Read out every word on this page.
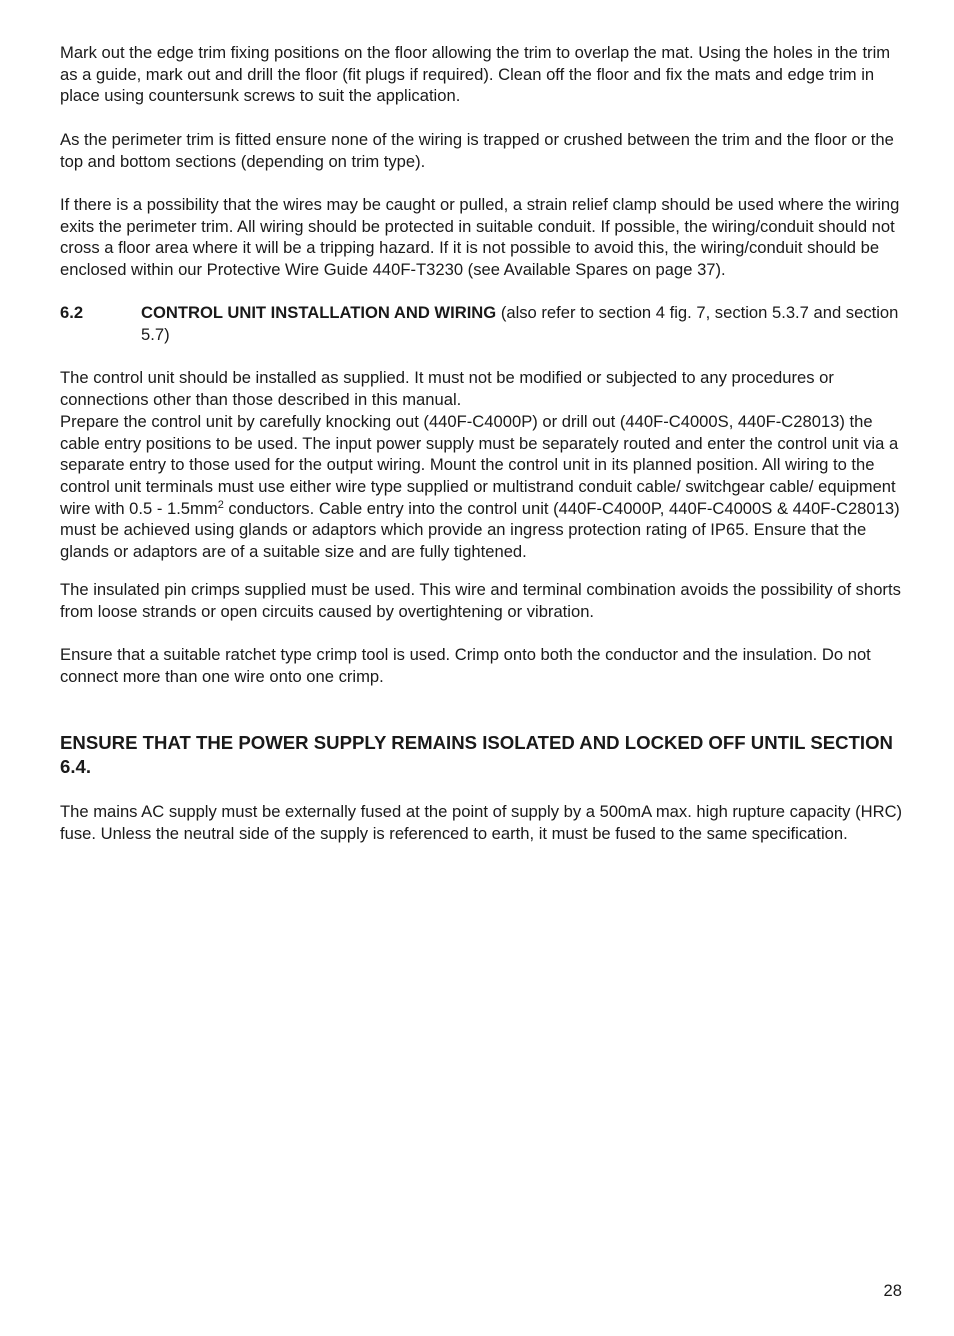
Mark out the edge trim fixing positions on the floor allowing the trim to overlap the mat. Using the holes in the trim as a guide, mark out and drill the floor (fit plugs if required). Clean off the floor and fix the mats and edge trim in place using countersunk screws to suit the application.

As the perimeter trim is fitted ensure none of the wiring is trapped or crushed between the trim and the floor or the top and bottom sections (depending on trim type).

If there is a possibility that the wires may be caught or pulled, a strain relief clamp should be used where the wiring exits the perimeter trim. All wiring should be protected in suitable conduit. If possible, the wiring/conduit should not cross a floor area where it will be a tripping hazard. If it is not possible to avoid this, the wiring/conduit should be enclosed within our Protective Wire Guide 440F-T3230 (see Available Spares on page 37).

6.2	CONTROL UNIT INSTALLATION AND WIRING (also refer to section 4 fig. 7, section 5.3.7 and section 5.7)

The control unit should be installed as supplied. It must not be modified or subjected to any procedures or connections other than those described in this manual.

Prepare the control unit by carefully knocking out (440F-C4000P) or drill out (440F-C4000S, 440F-C28013) the cable entry positions to be used. The input power supply must be separately routed and enter the control unit via a separate entry to those used for the output wiring. Mount the control unit in its planned position. All wiring to the control unit terminals must use either wire type supplied or multistrand conduit cable/ switchgear cable/ equipment wire with $0.5 - 1.5mm^2$ conductors. Cable entry into the control unit (440F-C4000P, 440F-C4000S & 440F-C28013) must be achieved using glands or adaptors which provide an ingress protection rating of IP65. Ensure that the glands or adaptors are of a suitable size and are fully tightened.

The insulated pin crimps supplied must be used. This wire and terminal combination avoids the possibility of shorts from loose strands or open circuits caused by overtightening or vibration.

Ensure that a suitable ratchet type crimp tool is used. Crimp onto both the conductor and the insulation. Do not connect more than one wire onto one crimp.

ENSURE THAT THE POWER SUPPLY REMAINS ISOLATED AND LOCKED OFF UNTIL SECTION 6.4.

The mains AC supply must be externally fused at the point of supply by a 500mA max. high rupture capacity (HRC) fuse. Unless the neutral side of the supply is referenced to earth, it must be fused to the same specification.

28
